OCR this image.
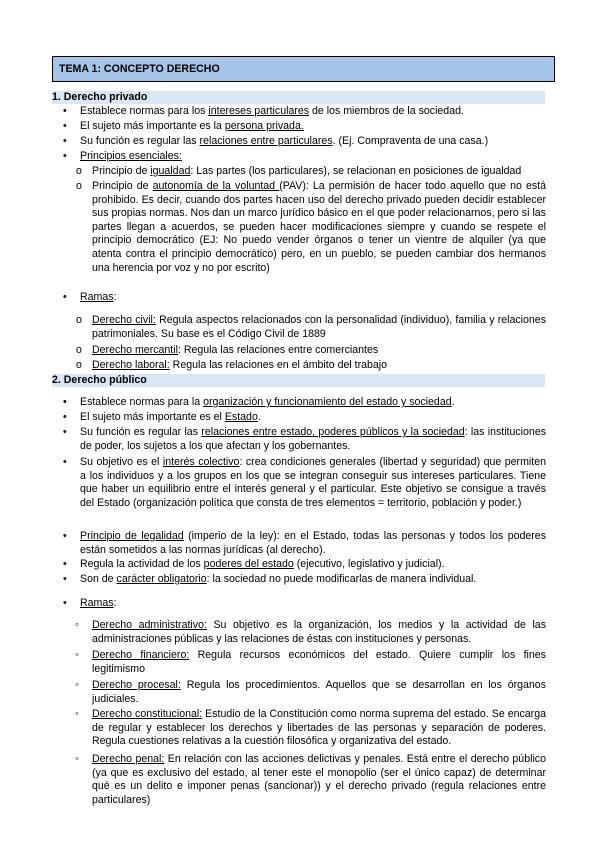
TEMA 1: CONCEPTO DERECHO
1. Derecho privado
• Establece normas para los intereses particulares de los miembros de la sociedad.
• El sujeto más importante es la persona privada.
• Su función es regular las relaciones entre particulares. (Ej. Compraventa de una casa.)
• Principios esenciales:
o Principio de igualdad: Las partes (los particulares), se relacionan en posiciones de igualdad
o Principio de autonomía de la voluntad (PAV): La permisión de hacer todo aquello que no está prohibido. Es decir, cuando dos partes hacen uso del derecho privado pueden decidir establecer sus propias normas. Nos dan un marco jurídico básico en el que poder relacionarnos, pero si las partes llegan a acuerdos, se pueden hacer modificaciones siempre y cuando se respete el principio democrático (EJ: No puedo vender órganos o tener un vientre de alquiler (ya que atenta contra el principio democrático) pero, en un pueblo, se pueden cambiar dos hermanos una herencia por voz y no por escrito)
• Ramas:
o Derecho civil: Regula aspectos relacionados con la personalidad (individuo), familia y relaciones patrimoniales. Su base es el Código Civil de 1889
o Derecho mercantil: Regula las relaciones entre comerciantes
o Derecho laboral: Regula las relaciones en el ámbito del trabajo
2. Derecho público
• Establece normas para la organización y funcionamiento del estado y sociedad.
• El sujeto más importante es el Estado.
• Su función es regular las relaciones entre estado, poderes públicos y la sociedad: las instituciones de poder, los sujetos a los que afectan y los gobernantes.
• Su objetivo es el interés colectivo: crea condiciones generales (libertad y seguridad) que permiten a los individuos y a los grupos en los que se integran conseguir sus intereses particulares. Tiene que haber un equilibrio entre el interés general y el particular. Este objetivo se consigue a través del Estado (organización política que consta de tres elementos = territorio, población y poder.)
• Principio de legalidad (imperio de la ley): en el Estado, todas las personas y todos los poderes están sometidos a las normas jurídicas (al derecho).
• Regula la actividad de los poderes del estado (ejecutivo, legislativo y judicial).
• Son de carácter obligatorio: la sociedad no puede modificarlas de manera individual.
• Ramas:
◦ Derecho administrativo: Su objetivo es la organización, los medios y la actividad de las administraciones públicas y las relaciones de éstas con instituciones y personas.
◦ Derecho financiero: Regula recursos económicos del estado. Quiere cumplir los fines legitimismo
◦ Derecho procesal: Regula los procedimientos. Aquellos que se desarrollan en los órganos judiciales.
◦ Derecho constitucional: Estudio de la Constitución como norma suprema del estado. Se encarga de regular y establecer los derechos y libertades de las personas y separación de poderes. Regula cuestiones relativas a la cuestión filosófica y organizativa del estado.
◦ Derecho penal: En relación con las acciones delictivas y penales. Está entre el derecho público (ya que es exclusivo del estado, al tener este el monopolio (ser el único capaz) de determinar qué es un delito e imponer penas (sancionar)) y el derecho privado (regula relaciones entre particulares)
